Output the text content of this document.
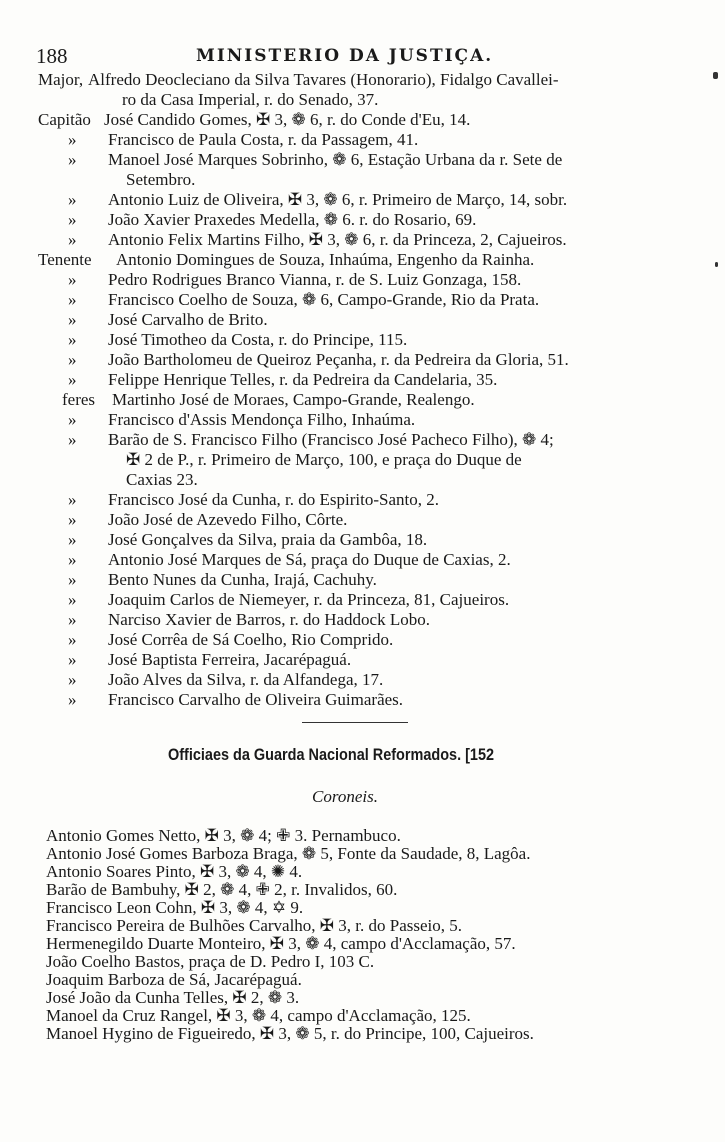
188	MINISTERIO DA JUSTIÇA.
Major, Alfredo Deocleciano da Silva Tavares (Honorario), Fidalgo Cavallei-
ro da Casa Imperial, r. do Senado, 37.
Capitão José Candido Gomes, ✠ 3, ❁ 6, r. do Conde d'Eu, 14.
» Francisco de Paula Costa, r. da Passagem, 41.
» Manoel José Marques Sobrinho, ❁ 6, Estação Urbana da r. Sete de
Setembro.
» Antonio Luiz de Oliveira, ✠ 3, ❁ 6, r. Primeiro de Março, 14, sobr.
» João Xavier Praxedes Medella, ❁ 6. r. do Rosario, 69.
» Antonio Felix Martins Filho, ✠ 3, ❁ 6, r. da Princeza, 2, Cajueiros.
Tenente Antonio Domingues de Souza, Inhaúma, Engenho da Rainha.
» Pedro Rodrigues Branco Vianna, r. de S. Luiz Gonzaga, 158.
» Francisco Coelho de Souza, ❁ 6, Campo-Grande, Rio da Prata.
» José Carvalho de Brito.
» José Timotheo da Costa, r. do Principe, 115.
» João Bartholomeu de Queiroz Peçanha, r. da Pedreira da Gloria, 51.
» Felippe Henrique Telles, r. da Pedreira da Candelaria, 35.
feres Martinho José de Moraes, Campo-Grande, Realengo.
» Francisco d'Assis Mendonça Filho, Inhaúma.
» Barão de S. Francisco Filho (Francisco José Pacheco Filho), ❁ 4;
✠ 2 de P., r. Primeiro de Março, 100, e praça do Duque de
Caxias 23.
» Francisco José da Cunha, r. do Espirito-Santo, 2.
» João José de Azevedo Filho, Côrte.
» José Gonçalves da Silva, praia da Gambôa, 18.
» Antonio José Marques de Sá, praça do Duque de Caxias, 2.
» Bento Nunes da Cunha, Irajá, Cachuhy.
» Joaquim Carlos de Niemeyer, r. da Princeza, 81, Cajueiros.
» Narciso Xavier de Barros, r. do Haddock Lobo.
» José Corrêa de Sá Coelho, Rio Comprido.
» José Baptista Ferreira, Jacarépaguá.
» João Alves da Silva, r. da Alfandega, 17.
» Francisco Carvalho de Oliveira Guimarães.
Officiaes da Guarda Nacional Reformados. [152
Coroneis.
Antonio Gomes Netto, ✠ 3, ❁ 4; ✙ 3. Pernambuco.
Antonio José Gomes Barboza Braga, ❁ 5, Fonte da Saudade, 8, Lagôa.
Antonio Soares Pinto, ✠ 3, ❁ 4, ✺ 4.
Barão de Bambuhy, ✠ 2, ❁ 4, ✙ 2, r. Invalidos, 60.
Francisco Leon Cohn, ✠ 3, ❁ 4, ✡ 9.
Francisco Pereira de Bulhões Carvalho, ✠ 3, r. do Passeio, 5.
Hermenegildo Duarte Monteiro, ✠ 3, ❁ 4, campo d'Acclamação, 57.
João Coelho Bastos, praça de D. Pedro I, 103 C.
Joaquim Barboza de Sá, Jacarépaguá.
José João da Cunha Telles, ✠ 2, ❁ 3.
Manoel da Cruz Rangel, ✠ 3, ❁ 4, campo d'Acclamação, 125.
Manoel Hygino de Figueiredo, ✠ 3, ❁ 5, r. do Principe, 100, Cajueiros.
